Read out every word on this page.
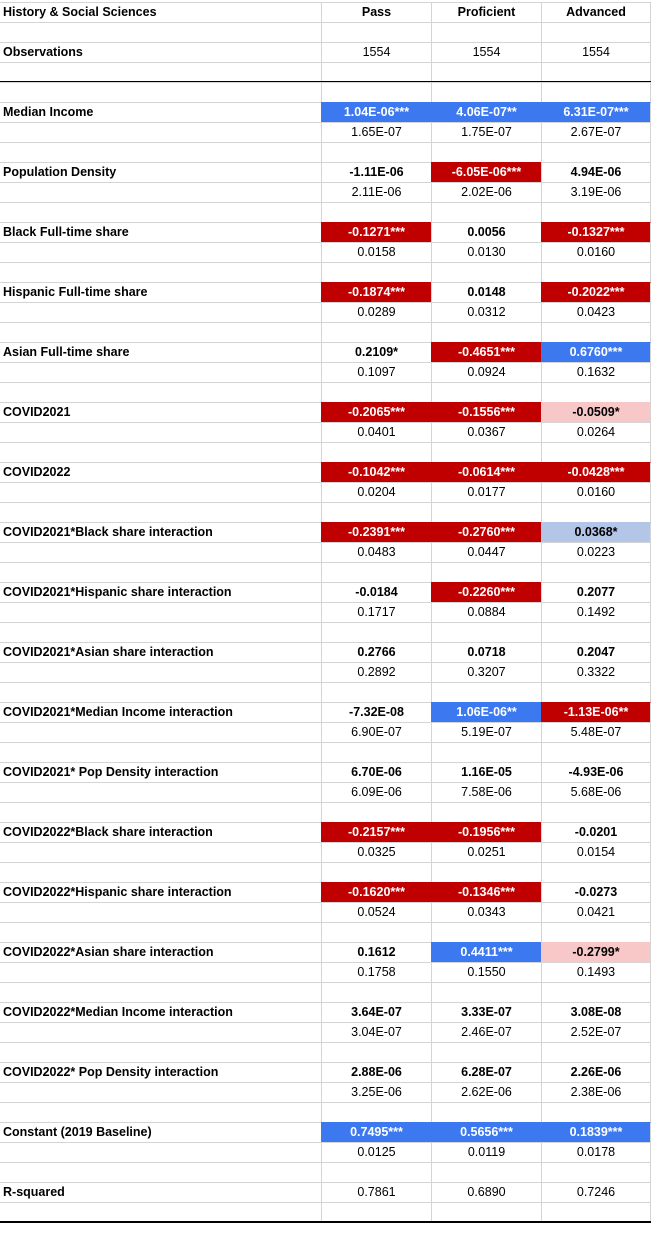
History & Social Sciences	Pass	Proficient	Advanced
Observations	1554	1554	1554
Median Income	1.04E-06***	4.06E-07**	6.31E-07***
1.65E-07	1.75E-07	2.67E-07
Population Density	-1.11E-06	-6.05E-06***	4.94E-06
2.11E-06	2.02E-06	3.19E-06
Black Full-time share	-0.1271***	0.0056	-0.1327***
0.0158	0.0130	0.0160
Hispanic Full-time share	-0.1874***	0.0148	-0.2022***
0.0289	0.0312	0.0423
Asian Full-time share	0.2109*	-0.4651***	0.6760***
0.1097	0.0924	0.1632
COVID2021	-0.2065***	-0.1556***	-0.0509*
0.0401	0.0367	0.0264
COVID2022	-0.1042***	-0.0614***	-0.0428***
0.0204	0.0177	0.0160
COVID2021*Black share interaction	-0.2391***	-0.2760***	0.0368*
0.0483	0.0447	0.0223
COVID2021*Hispanic share interaction	-0.0184	-0.2260***	0.2077
0.1717	0.0884	0.1492
COVID2021*Asian share interaction	0.2766	0.0718	0.2047
0.2892	0.3207	0.3322
COVID2021*Median Income interaction	-7.32E-08	1.06E-06**	-1.13E-06**
6.90E-07	5.19E-07	5.48E-07
COVID2021* Pop Density interaction	6.70E-06	1.16E-05	-4.93E-06
6.09E-06	7.58E-06	5.68E-06
COVID2022*Black share interaction	-0.2157***	-0.1956***	-0.0201
0.0325	0.0251	0.0154
COVID2022*Hispanic share interaction	-0.1620***	-0.1346***	-0.0273
0.0524	0.0343	0.0421
COVID2022*Asian share interaction	0.1612	0.4411***	-0.2799*
0.1758	0.1550	0.1493
COVID2022*Median Income interaction	3.64E-07	3.33E-07	3.08E-08
3.04E-07	2.46E-07	2.52E-07
COVID2022* Pop Density interaction	2.88E-06	6.28E-07	2.26E-06
3.25E-06	2.62E-06	2.38E-06
Constant (2019 Baseline)	0.7495***	0.5656***	0.1839***
0.0125	0.0119	0.0178
R-squared	0.7861	0.6890	0.7246
